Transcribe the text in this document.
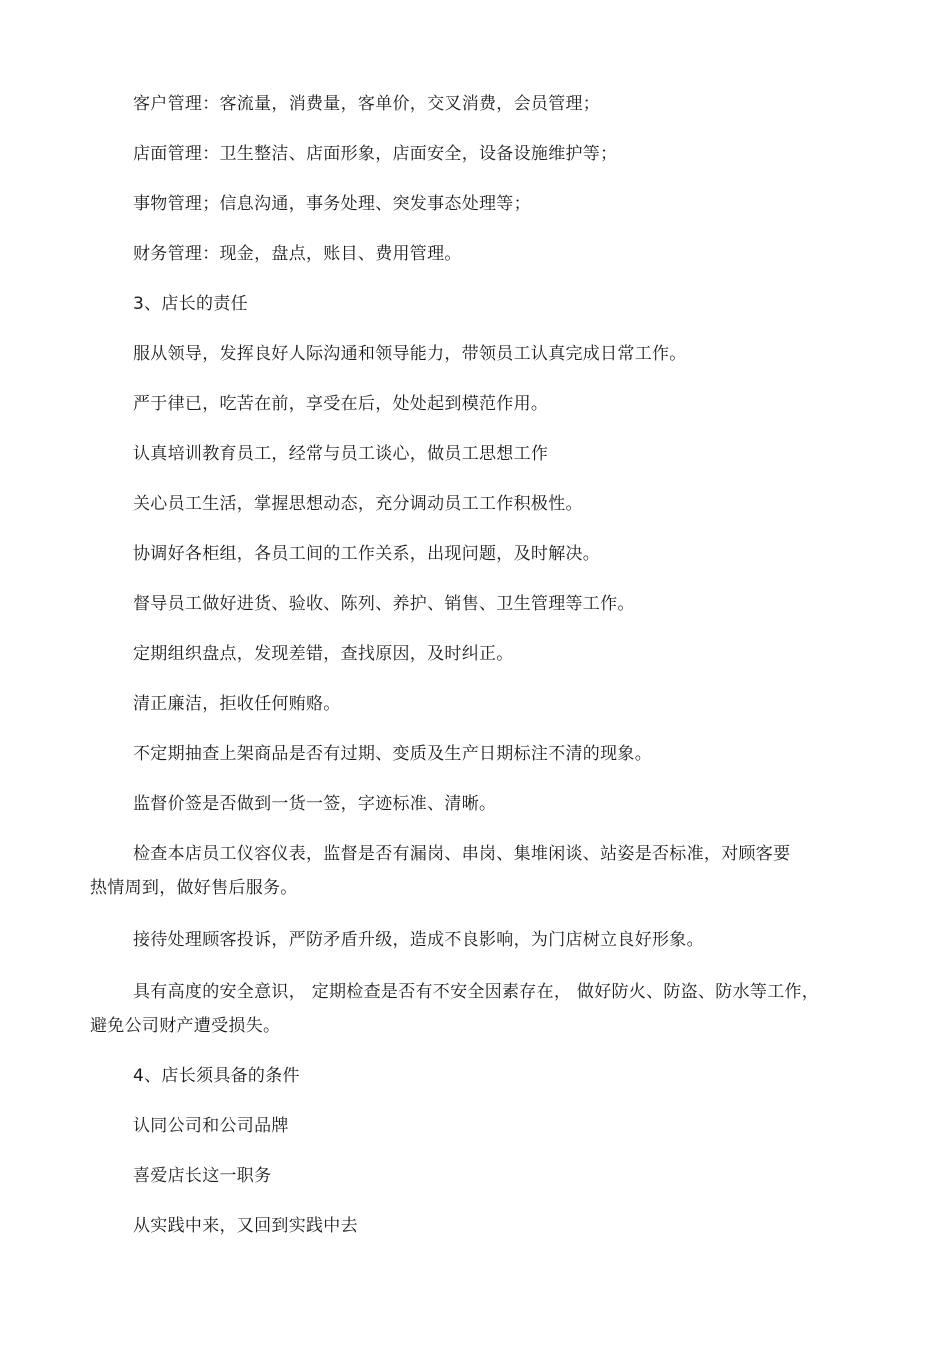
客户管理：客流量，消费量，客单价，交叉消费，会员管理；
店面管理：卫生整洁、店面形象，店面安全，设备设施维护等；
事物管理；信息沟通，事务处理、突发事态处理等；
财务管理：现金，盘点，账目、费用管理。
3、店长的责任
服从领导，发挥良好人际沟通和领导能力，带领员工认真完成日常工作。
严于律已，吃苦在前，享受在后，处处起到模范作用。
认真培训教育员工，经常与员工谈心，做员工思想工作
关心员工生活，掌握思想动态，充分调动员工工作积极性。
协调好各柜组，各员工间的工作关系，出现问题，及时解决。
督导员工做好进货、验收、陈列、养护、销售、卫生管理等工作。
定期组织盘点，发现差错，查找原因，及时纠正。
清正廉洁，拒收任何贿赂。
不定期抽查上架商品是否有过期、变质及生产日期标注不清的现象。
监督价签是否做到一货一签，字迹标准、清晰。
检查本店员工仪容仪表，监督是否有漏岗、串岗、集堆闲谈、站姿是否标准，对顾客要
热情周到，做好售后服务。
接待处理顾客投诉，严防矛盾升级，造成不良影响，为门店树立良好形象。
具有高度的安全意识， 定期检查是否有不安全因素存在， 做好防火、防盗、防水等工作，
避免公司财产遭受损失。
4、店长须具备的条件
认同公司和公司品牌
喜爱店长这一职务
从实践中来，又回到实践中去
